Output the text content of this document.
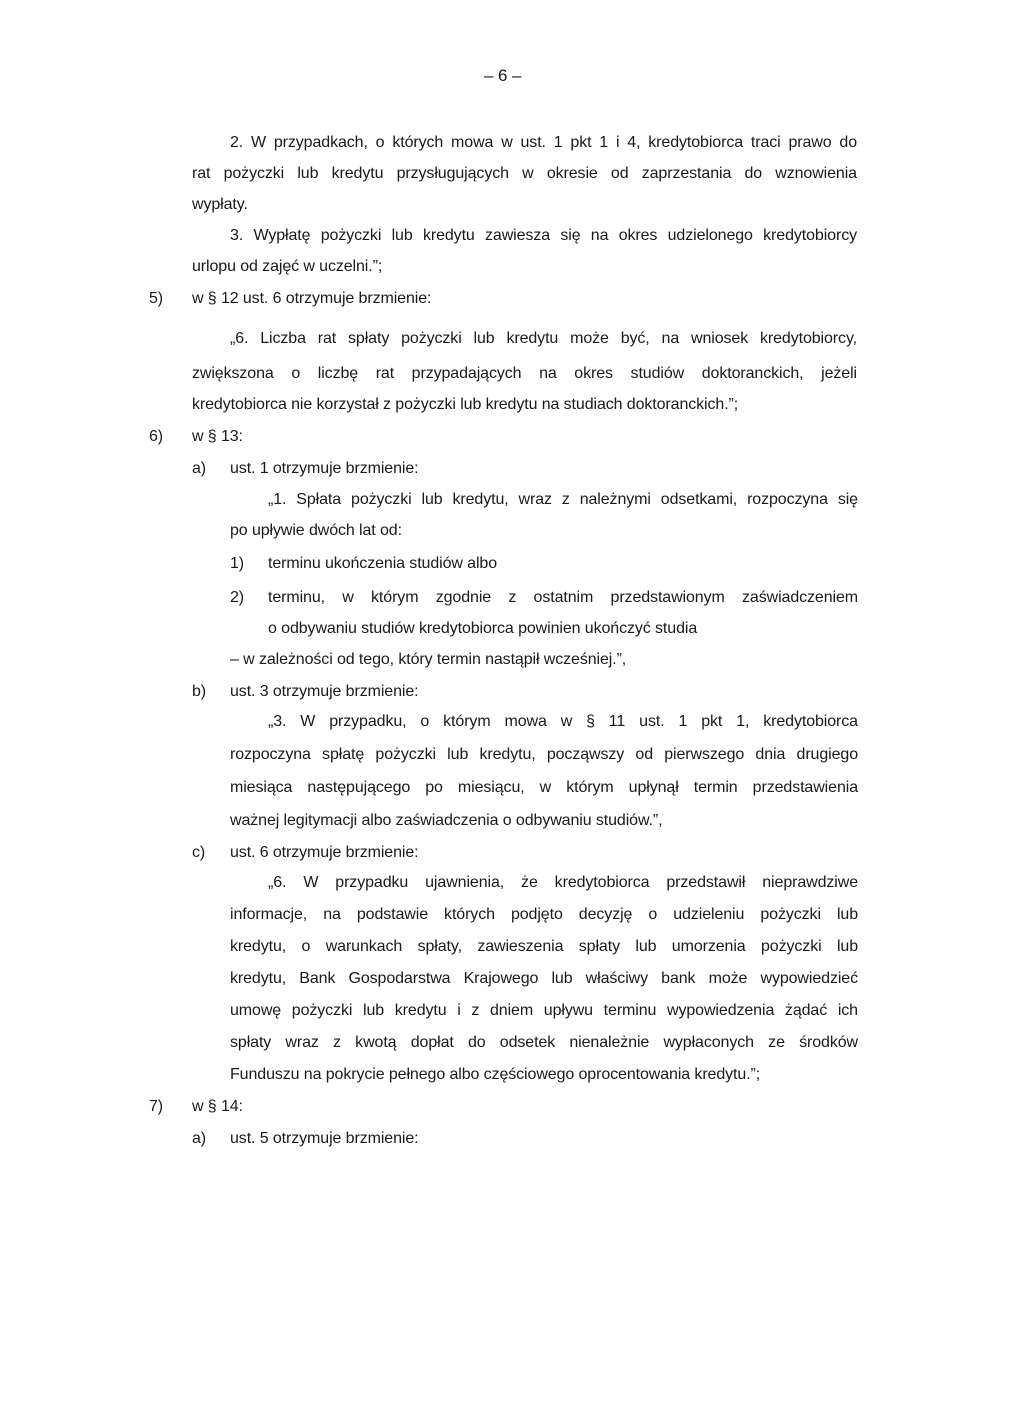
– 6 –
2. W przypadkach, o których mowa w ust. 1 pkt 1 i 4, kredytobiorca traci prawo do
rat pożyczki lub kredytu przysługujących w okresie od zaprzestania do wznowienia
wypłaty.
3. Wypłatę pożyczki lub kredytu zawiesza się na okres udzielonego kredytobiorcy
urlopu od zajęć w uczelni.”;
5) w § 12 ust. 6 otrzymuje brzmienie:
„6. Liczba rat spłaty pożyczki lub kredytu może być, na wniosek kredytobiorcy,
zwiększona o liczbę rat przypadających na okres studiów doktoranckich, jeżeli
kredytobiorca nie korzystał z pożyczki lub kredytu na studiach doktoranckich.”;
6) w § 13:
a) ust. 1 otrzymuje brzmienie:
„1. Spłata pożyczki lub kredytu, wraz z należnymi odsetkami, rozpoczyna się
po upływie dwóch lat od:
1) terminu ukończenia studiów albo
2) terminu, w którym zgodnie z ostatnim przedstawionym zaświadczeniem
o odbywaniu studiów kredytobiorca powinien ukończyć studia
– w zależności od tego, który termin nastąpił wcześniej.”,
b) ust. 3 otrzymuje brzmienie:
„3. W przypadku, o którym mowa w § 11 ust. 1 pkt 1, kredytobiorca
rozpoczyna spłatę pożyczki lub kredytu, począwszy od pierwszego dnia drugiego
miesiąca następującego po miesiącu, w którym upłynął termin przedstawienia
ważnej legitymacji albo zaświadczenia o odbywaniu studiów.”,
c) ust. 6 otrzymuje brzmienie:
„6. W przypadku ujawnienia, że kredytobiorca przedstawił nieprawdziwe
informacje, na podstawie których podjęto decyzję o udzieleniu pożyczki lub
kredytu, o warunkach spłaty, zawieszenia spłaty lub umorzenia pożyczki lub
kredytu, Bank Gospodarstwa Krajowego lub właściwy bank może wypowiedzieć
umowę pożyczki lub kredytu i z dniem upływu terminu wypowiedzenia żądać ich
spłaty wraz z kwotą dopłat do odsetek nienależnie wypłaconych ze środków
Funduszu na pokrycie pełnego albo częściowego oprocentowania kredytu.”;
7) w § 14:
a) ust. 5 otrzymuje brzmienie:
